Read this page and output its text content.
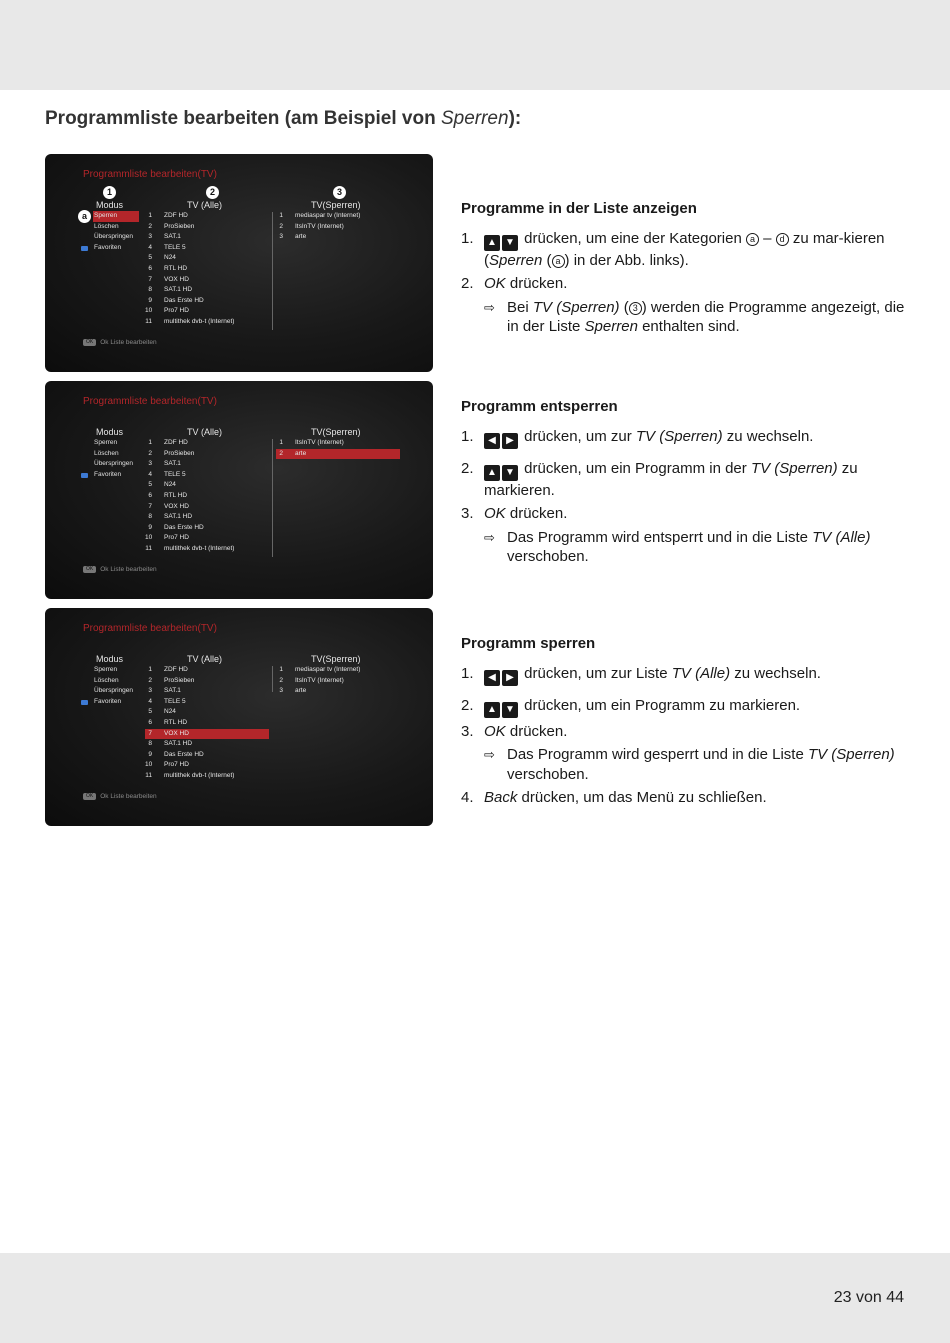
Programmliste bearbeiten (am Beispiel von Sperren):
Programmliste bearbeiten(TV)
1	2	3
Modus	TV (Alle)	TV(Sperren)
a	Sperren
Löschen
Überspringen
Favoriten
1	ZDF HD
2	ProSieben
3	SAT.1
4	TELE 5
5	N24
6	RTL HD
7	VOX HD
8	SAT.1 HD
9	Das Erste HD
10	Pro7 HD
11	multithek dvb-t (Internet)
1	mediaspar tv (Internet)
2	ItsInTV (Internet)
3	arte
OK	Ok Liste bearbeiten
Programmliste bearbeiten(TV)
Modus	TV (Alle)	TV(Sperren)
Sperren
Löschen
Überspringen
Favoriten
1	ZDF HD
2	ProSieben
3	SAT.1
4	TELE 5
5	N24
6	RTL HD
7	VOX HD
8	SAT.1 HD
9	Das Erste HD
10	Pro7 HD
11	multithek dvb-t (Internet)
1	ItsInTV (Internet)
2	arte
OK	Ok Liste bearbeiten
Programmliste bearbeiten(TV)
Modus	TV (Alle)	TV(Sperren)
Sperren
Löschen
Überspringen
Favoriten
1	ZDF HD
2	ProSieben
3	SAT.1
4	TELE 5
5	N24
6	RTL HD
7	VOX HD
8	SAT.1 HD
9	Das Erste HD
10	Pro7 HD
11	multithek dvb-t (Internet)
1	mediaspar tv (Internet)
2	ItsInTV (Internet)
3	arte
OK	Ok Liste bearbeiten
Programme in der Liste anzeigen
1. ▲ ▼ drücken, um eine der Kategorien a – d zu mar-kieren (Sperren ( a ) in der Abb. links).
2. OK drücken.
⇨ Bei TV (Sperren) ( 3 ) werden die Programme angezeigt, die in der Liste Sperren enthalten sind.
Programm entsperren
1. ◀ ▶ drücken, um zur TV (Sperren) zu wechseln.
2. ▲ ▼ drücken, um ein Programm in der TV (Sperren) zu markieren.
3. OK drücken.
⇨ Das Programm wird entsperrt und in die Liste TV (Alle) verschoben.
Programm sperren
1. ◀ ▶ drücken, um zur Liste TV (Alle) zu wechseln.
2. ▲ ▼ drücken, um ein Programm zu markieren.
3. OK drücken.
⇨ Das Programm wird gesperrt und in die Liste TV (Sperren) verschoben.
4. Back drücken, um das Menü zu schließen.
23 von 44
